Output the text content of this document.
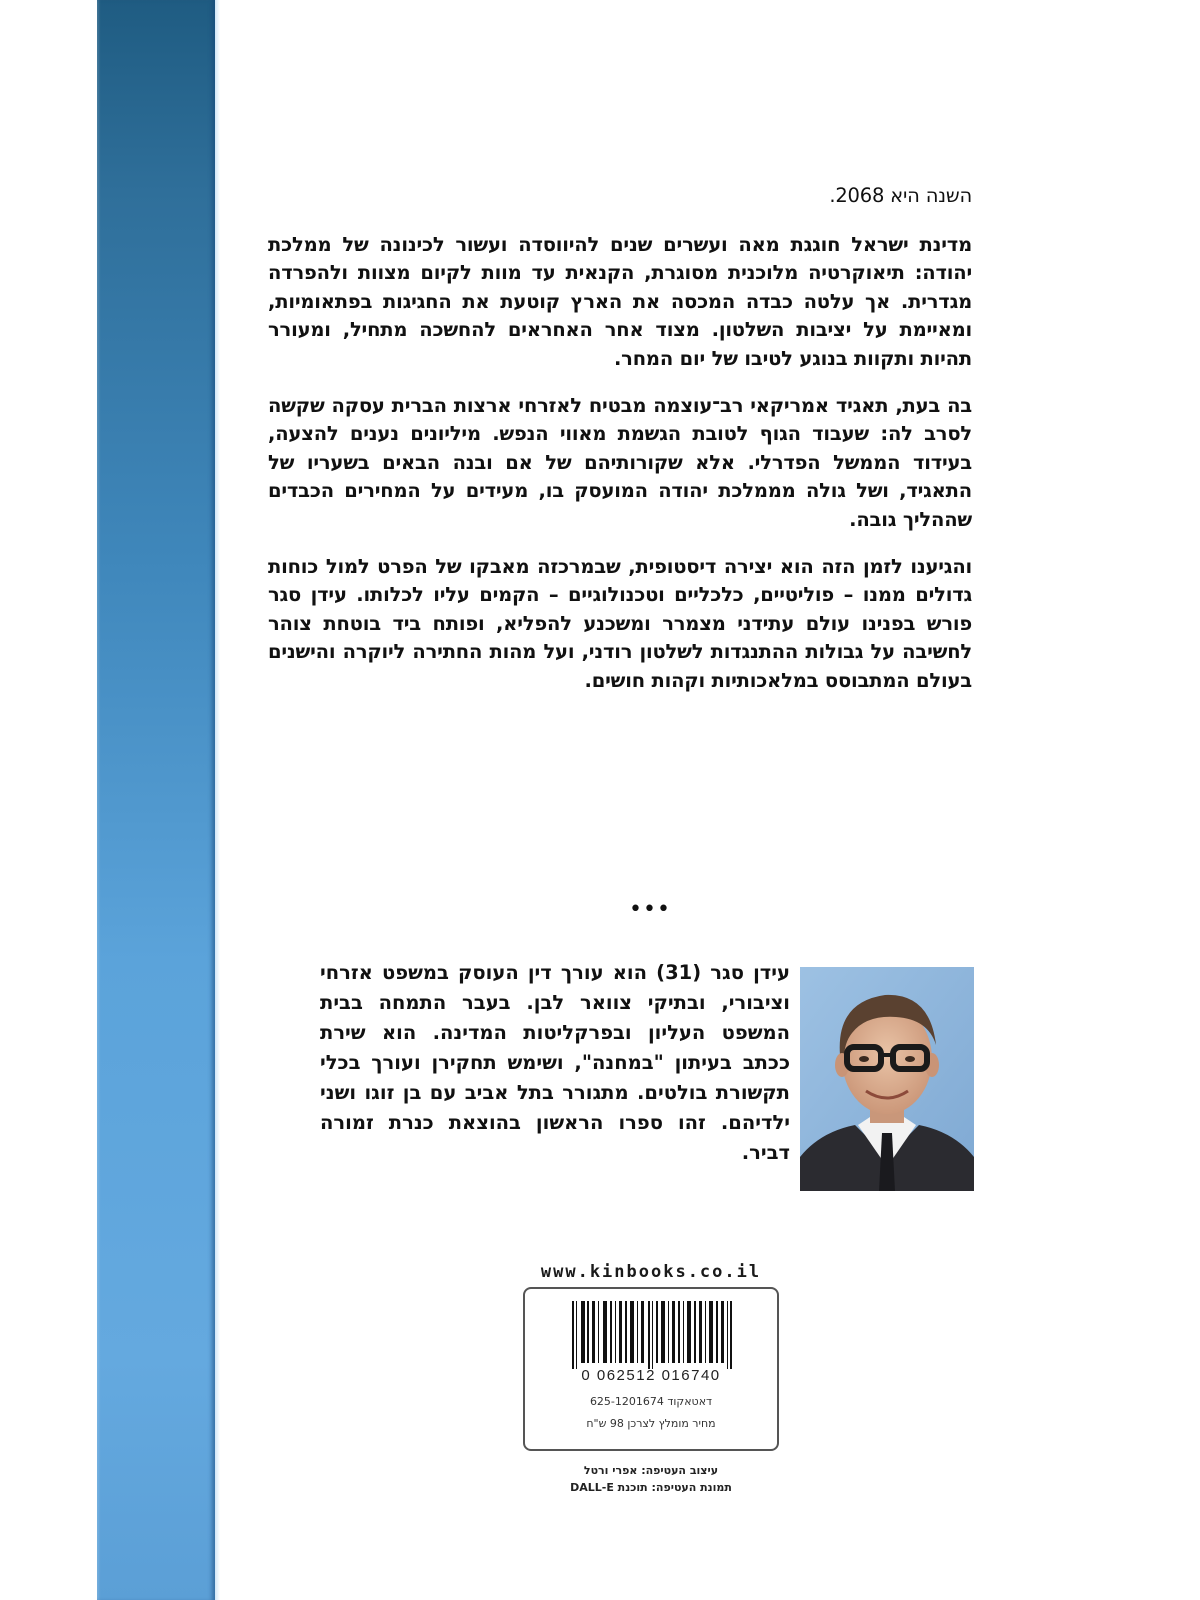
השנה היא 2068.

מדינת ישראל חוגגת מאה ועשרים שנים להיווסדה ועשור לכינונה של ממלכת יהודה: תיאוקרטיה מלוכנית מסוגרת, הקנאית עד מוות לקיום מצוות ולהפרדה מגדרית. אך עלטה כבדה המכסה את הארץ קוטעת את החגיגות בפתאומיות, ומאיימת על יציבות השלטון. מצוד אחר האחראים להחשכה מתחיל, ומעורר תהיות ותקוות בנוגע לטיבו של יום המחר.

בה בעת, תאגיד אמריקאי רב־עוצמה מבטיח לאזרחי ארצות הברית עסקה שקשה לסרב לה: שעבוד הגוף לטובת הגשמת מאווי הנפש. מיליונים נענים להצעה, בעידוד הממשל הפדרלי. אלא שקורותיהם של אם ובנה הבאים בשעריו של התאגיד, ושל גולה מממלכת יהודה המועסק בו, מעידים על המחירים הכבדים שההליך גובה.

והגיענו לזמן הזה הוא יצירה דיסטופית, שבמרכזה מאבקו של הפרט למול כוחות גדולים ממנו – פוליטיים, כלכליים וטכנולוגיים – הקמים עליו לכלותו. עידן סגר פורש בפנינו עולם עתידני מצמרר ומשכנע להפליא, ופותח ביד בוטחת צוהר לחשיבה על גבולות ההתנגדות לשלטון רודני, ועל מהות החתירה ליוקרה והישנים בעולם המתבוסס במלאכותיות וקהות חושים.

•••
עידן סגר (31) הוא עורך דין העוסק במשפט אזרחי וציבורי, ובתיקי צוואר לבן. בעבר התמחה בבית המשפט העליון ובפרקליטות המדינה. הוא שירת ככתב בעיתון "במחנה", ושימש תחקירן ועורך בכלי תקשורת בולטים. מתגורר בתל אביב עם בן זוגו ושני ילדיהם. זהו ספרו הראשון בהוצאת כנרת זמורה דביר.
www.kinbooks.co.il
0 062512 016740
דאטאקוד 625-1201674
מחיר מומלץ לצרכן 98 ש"ח
עיצוב העטיפה: אפרי ורטל
תמונת העטיפה: תוכנת DALL-E
